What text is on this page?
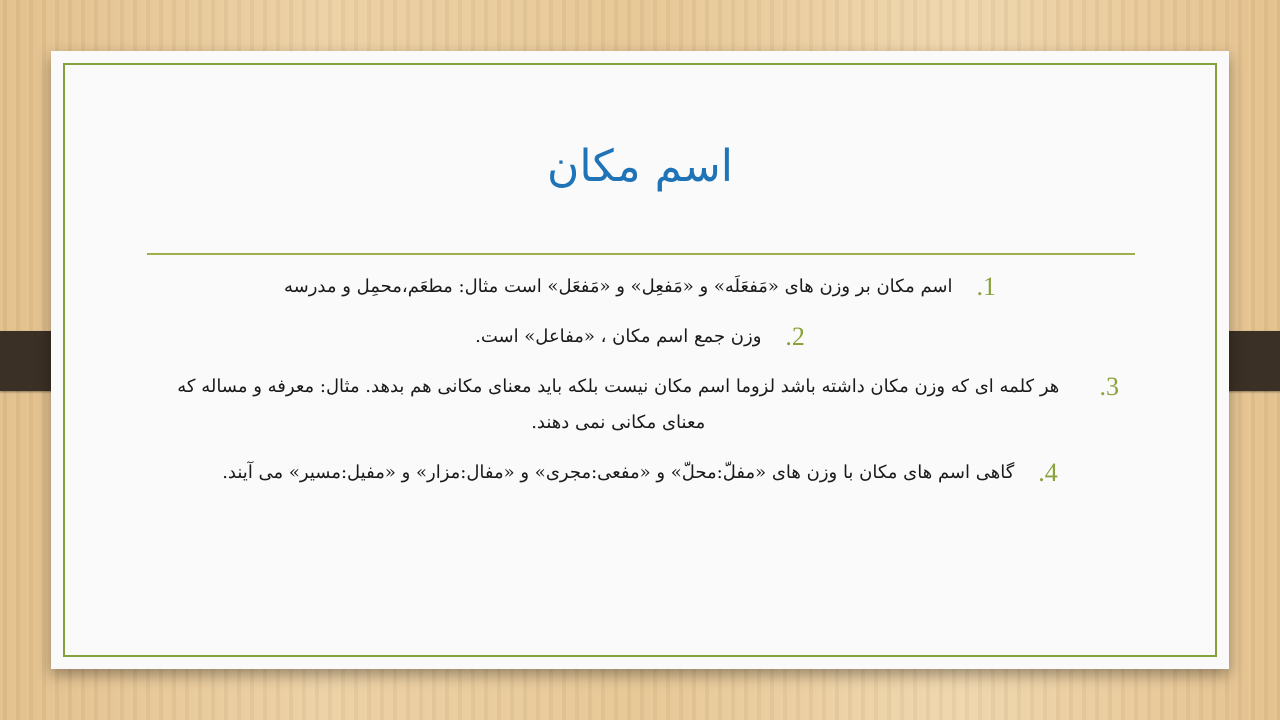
اسم مکان
.1
اسم مکان بر وزن های «مَفعَلَه» و «مَفعِل» و «مَفعَل» است مثال: مطعَم،محمِل و مدرسه
.2
وزن جمع اسم مکان ، «مفاعل» است.
.3
هر کلمه ای که وزن مکان داشته باشد لزوما اسم مکان نیست بلکه باید معنای مکانی هم بدهد. مثال: معرفه و مساله که معنای مکانی نمی دهند.
.4
گاهی اسم های مکان با وزن های «مفلّ:محلّ» و «مفعی:مجری» و «مفال:مزار» و «مفیل:مسیر» می آیند.
